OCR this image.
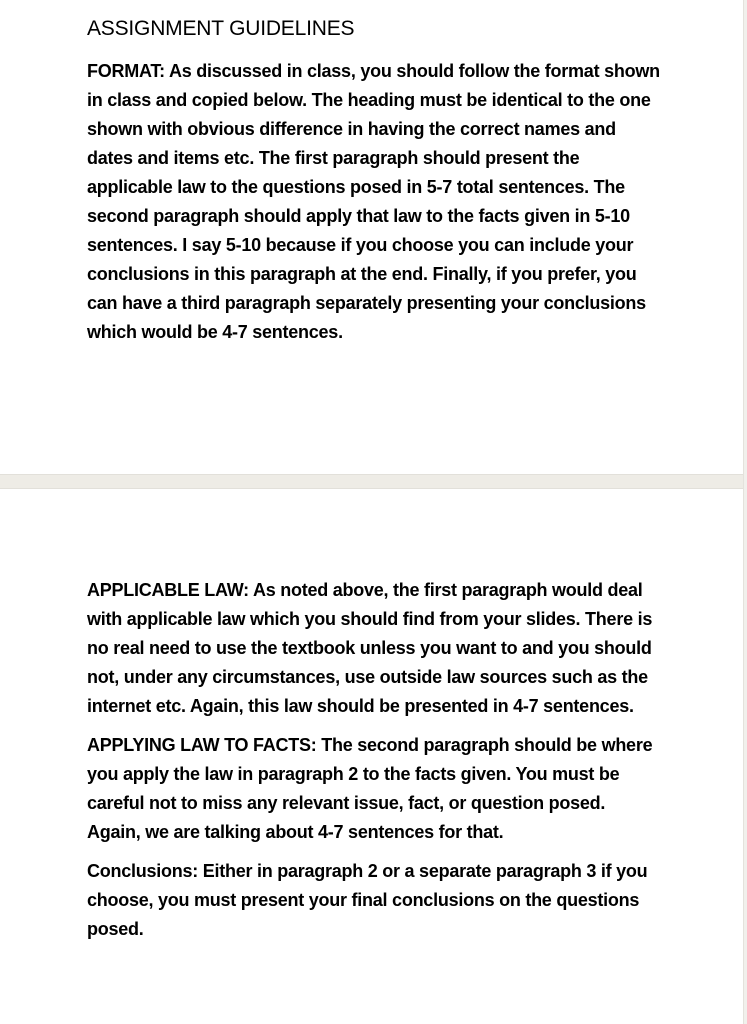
ASSIGNMENT GUIDELINES

FORMAT: As discussed in class, you should follow the format shown in class and copied below. The heading must be identical to the one shown with obvious difference in having the correct names and dates and items etc. The first paragraph should present the applicable law to the questions posed in 5-7 total sentences. The second paragraph should apply that law to the facts given in 5-10 sentences. I say 5-10 because if you choose you can include your conclusions in this paragraph at the end. Finally, if you prefer, you can have a third paragraph separately presenting your conclusions which would be 4-7 sentences.

APPLICABLE LAW: As noted above, the first paragraph would deal with applicable law which you should find from your slides. There is no real need to use the textbook unless you want to and you should not, under any circumstances, use outside law sources such as the internet etc. Again, this law should be presented in 4-7 sentences.

APPLYING LAW TO FACTS: The second paragraph should be where you apply the law in paragraph 2 to the facts given. You must be careful not to miss any relevant issue, fact, or question posed. Again, we are talking about 4-7 sentences for that.

Conclusions: Either in paragraph 2 or a separate paragraph 3 if you choose, you must present your final conclusions on the questions posed.
